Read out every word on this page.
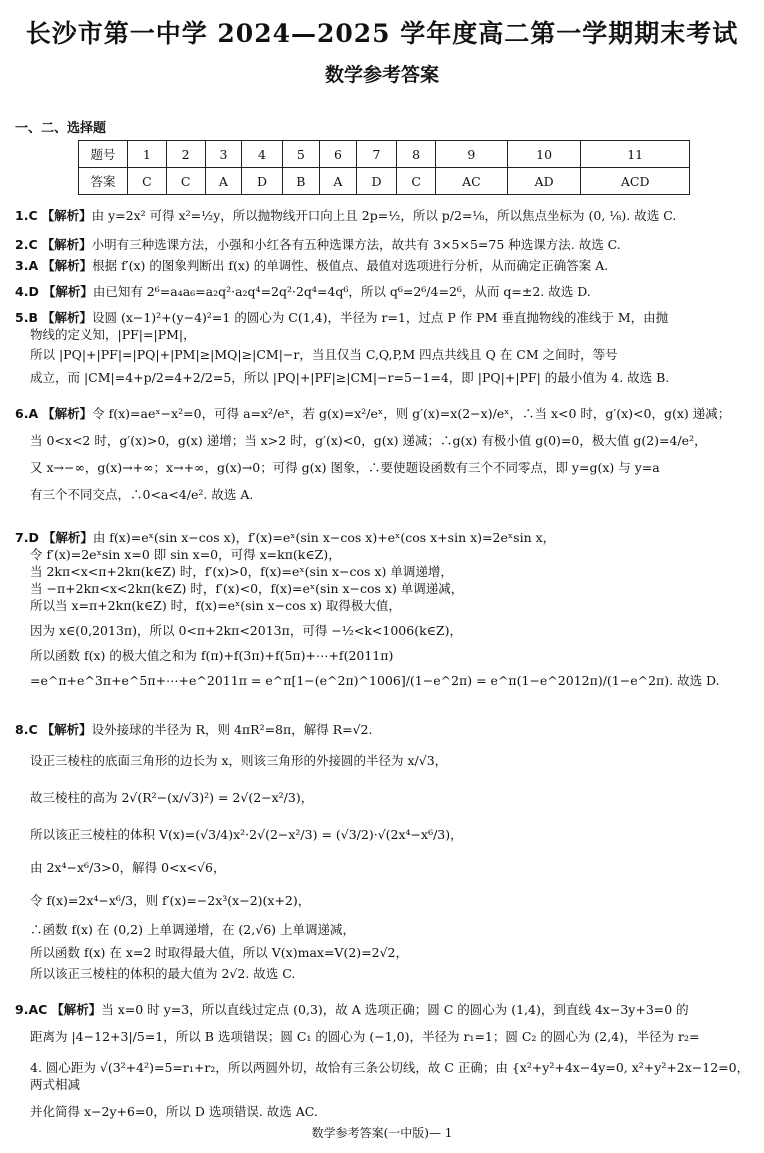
长沙市第一中学 2024—2025 学年度高二第一学期期末考试
数学参考答案
一、二、选择题
题号	1	2	3	4	5	6	7	8	9	10	11
答案	C	C	A	D	B	A	D	C	AC	AD	ACD
1.C 【解析】由 y=2x² 可得 x²=½y，所以抛物线开口向上且 2p=½，所以 p/2=⅛，所以焦点坐标为 (0, ⅛). 故选 C.
2.C 【解析】小明有三种选课方法，小强和小红各有五种选课方法，故共有 3×5×5=75 种选课方法. 故选 C.
3.A 【解析】根据 f′(x) 的图象判断出 f(x) 的单调性、极值点、最值对选项进行分析，从而确定正确答案 A.
4.D 【解析】由已知有 2⁶=a₄a₆=a₂q²·a₂q⁴=2q²·2q⁴=4q⁶，所以 q⁶=2⁶/4=2⁶，从而 q=±2. 故选 D.
5.B 【解析】设圆 (x−1)²+(y−4)²=1 的圆心为 C(1,4)，半径为 r=1，过点 P 作 PM 垂直抛物线的准线于 M，由抛
物线的定义知，|PF|=|PM|，
所以 |PQ|+|PF|=|PQ|+|PM|≥|MQ|≥|CM|−r，当且仅当 C,Q,P,M 四点共线且 Q 在 CM 之间时，等号
成立，而 |CM|=4+p/2=4+2/2=5，所以 |PQ|+|PF|≥|CM|−r=5−1=4，即 |PQ|+|PF| 的最小值为 4. 故选 B.
6.A 【解析】令 f(x)=aeˣ−x²=0，可得 a=x²/eˣ，若 g(x)=x²/eˣ，则 g′(x)=x(2−x)/eˣ，∴当 x<0 时，g′(x)<0，g(x) 递减；
当 0<x<2 时，g′(x)>0，g(x) 递增；当 x>2 时，g′(x)<0，g(x) 递减；∴g(x) 有极小值 g(0)=0，极大值 g(2)=4/e²，
又 x→−∞，g(x)→+∞；x→+∞，g(x)→0；可得 g(x) 图象，∴要使题设函数有三个不同零点，即 y=g(x) 与 y=a
有三个不同交点，∴0<a<4/e². 故选 A.
7.D 【解析】由 f(x)=eˣ(sin x−cos x)，f′(x)=eˣ(sin x−cos x)+eˣ(cos x+sin x)=2eˣsin x，
令 f′(x)=2eˣsin x=0 即 sin x=0，可得 x=kπ(k∈Z)，
当 2kπ<x<π+2kπ(k∈Z) 时，f′(x)>0，f(x)=eˣ(sin x−cos x) 单调递增，
当 −π+2kπ<x<2kπ(k∈Z) 时，f′(x)<0，f(x)=eˣ(sin x−cos x) 单调递减，
所以当 x=π+2kπ(k∈Z) 时，f(x)=eˣ(sin x−cos x) 取得极大值，
因为 x∈(0,2013π)，所以 0<π+2kπ<2013π，可得 −½<k<1006(k∈Z)，
所以函数 f(x) 的极大值之和为 f(π)+f(3π)+f(5π)+⋯+f(2011π)
=e^π+e^3π+e^5π+⋯+e^2011π = e^π[1−(e^2π)^1006]/(1−e^2π) = e^π(1−e^2012π)/(1−e^2π). 故选 D.
8.C 【解析】设外接球的半径为 R，则 4πR²=8π，解得 R=√2.
设正三棱柱的底面三角形的边长为 x，则该三角形的外接圆的半径为 x/√3，
故三棱柱的高为 2√(R²−(x/√3)²) = 2√(2−x²/3)，
所以该正三棱柱的体积 V(x)=(√3/4)x²·2√(2−x²/3) = (√3/2)·√(2x⁴−x⁶/3)，
由 2x⁴−x⁶/3>0，解得 0<x<√6，
令 f(x)=2x⁴−x⁶/3，则 f′(x)=−2x³(x−2)(x+2)，
∴函数 f(x) 在 (0,2) 上单调递增，在 (2,√6) 上单调递减，
所以函数 f(x) 在 x=2 时取得最大值，所以 V(x)max=V(2)=2√2，
所以该正三棱柱的体积的最大值为 2√2. 故选 C.
9.AC 【解析】当 x=0 时 y=3，所以直线过定点 (0,3)，故 A 选项正确；圆 C 的圆心为 (1,4)，到直线 4x−3y+3=0 的
距离为 |4−12+3|/5=1，所以 B 选项错误；圆 C₁ 的圆心为 (−1,0)，半径为 r₁=1；圆 C₂ 的圆心为 (2,4)，半径为 r₂=
4. 圆心距为 √(3²+4²)=5=r₁+r₂，所以两圆外切，故恰有三条公切线，故 C 正确；由 {x²+y²+4x−4y=0, x²+y²+2x−12=0，两式相减
并化简得 x−2y+6=0，所以 D 选项错误. 故选 AC.
数学参考答案(一中版)— 1
